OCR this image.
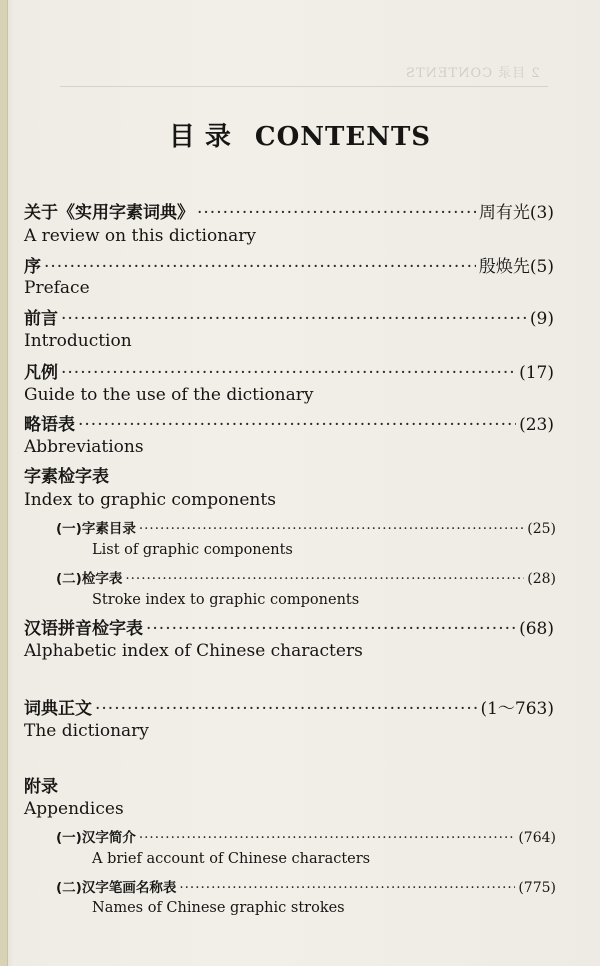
2 目录 CONTENTS
目录 CONTENTS
关于《实用字素词典》 ·····	周有光(3)
A review on this dictionary
序 ·····	殷焕先(5)
Preface
前言 ·····	(9)
Introduction
凡例 ·····	(17)
Guide to the use of the dictionary
略语表 ·····	(23)
Abbreviations
字素检字表
Index to graphic components
(一)字素目录 ·····	(25)
List of graphic components
(二)检字表 ·····	(28)
Stroke index to graphic components
汉语拼音检字表 ·····	(68)
Alphabetic index of Chinese characters
词典正文 ·····	(1～763)
The dictionary
附录
Appendices
(一)汉字简介 ·····	(764)
A brief account of Chinese characters
(二)汉字笔画名称表 ·····	(775)
Names of Chinese graphic strokes
